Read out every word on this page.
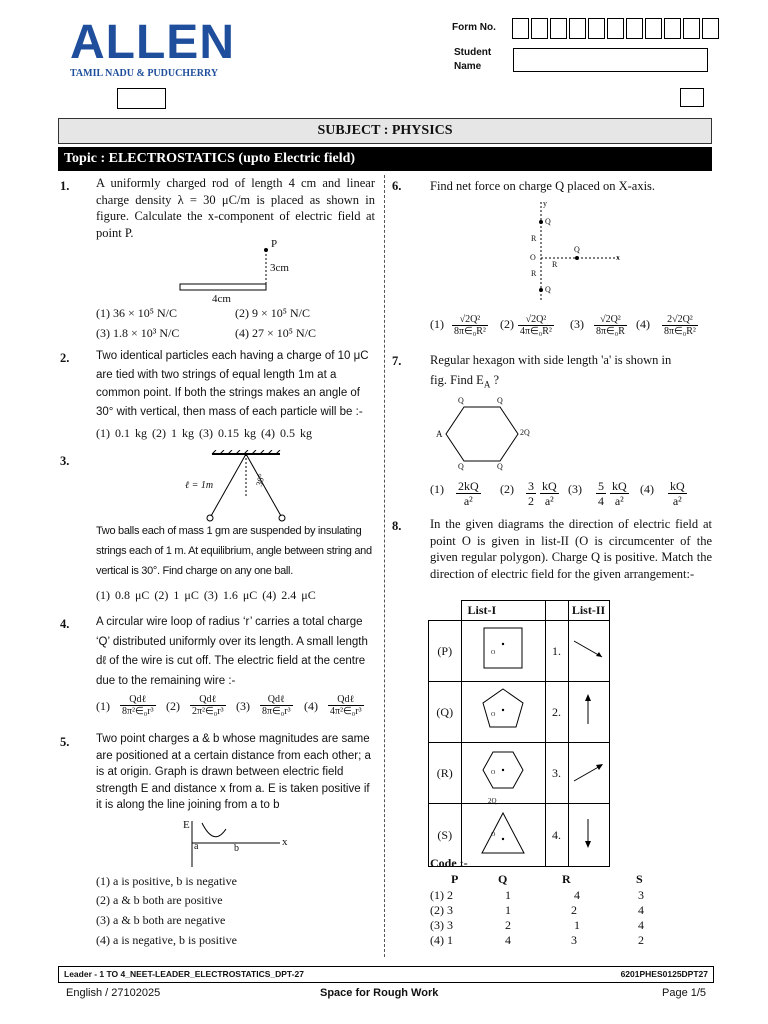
ALLEN
TAMIL NADU & PUDUCHERRY
Form No.
Student
Name
SUBJECT : PHYSICS
Topic : ELECTROSTATICS (upto Electric field)
1. A uniformly charged rod of length 4 cm and linear charge density λ = 30 μC/m is placed as shown in figure. Calculate the x-component of electric field at point P.
P
3cm
4cm
(1) 36 × 10⁵ N/C	(2) 9 × 10⁵ N/C
(3) 1.8 × 10³ N/C	(4) 27 × 10⁵ N/C
2. Two identical particles each having a charge of 10 μC are tied with two strings of equal length 1m at a common point. If both the strings makes an angle of 30° with vertical, then mass of each particle will be :-
(1) 0.1 kg (2) 1 kg (3) 0.15 kg (4) 0.5 kg
3.
ℓ = 1m	30°
Two balls each of mass 1 gm are suspended by insulating strings each of 1 m. At equilibrium, angle between string and vertical is 30°. Find charge on any one ball.
(1) 0.8 μC (2) 1 μC (3) 1.6 μC (4) 2.4 μC
4. A circular wire loop of radius ‘r’ carries a total charge ‘Q’ distributed uniformly over its length. A small length dℓ of the wire is cut off. The electric field at the centre due to the remaining wire :-
(1)	Qdℓ
8π²∈₀r³ (2)	Qdℓ
2π²∈₀r³ (3)	Qdℓ
8π∈₀r³ (4)	Qdℓ
4π²∈₀r³
5. Two point charges a & b whose magnitudes are same are positioned at a certain distance from each other; a is at origin. Graph is drawn between electric field strength E and distance x from a. E is taken positive if it is along the line joining from a to b
E
x
a	b
(1) a is positive, b is negative
(2) a & b both are positive
(3) a & b both are negative
(4) a is negative, b is positive
6. Find net force on charge Q placed on X-axis.
y
Q
R
O
Q
R
x
R
Q
$(1) \frac{\text{√2Q²}}{\text{8π∈₀R²}} (2) \frac{\text{√2Q²}}{\text{4π∈₀R²}} (3) \frac{\text{√2Q²}}{\text{8π∈₀R}} (4) \frac{\text{2√2Q²}}{\text{8π∈₀R²}}$
7. Regular hexagon with side length 'a' is shown in
fig. Find $E_A$ ?
Q	Q
A	2Q
Q	Q
$(1) \frac{2kQ}{\text{a²}} (2) \frac{3}{2} \frac{kQ}{\text{a²}} (3) \frac{5}{4} \frac{kQ}{\text{a²}} (4) \frac{kQ}{\text{a²}}$
8. In the given diagrams the direction of electric field at point O is given in list-II (O is circumcenter of the given regular polygon). Charge Q is positive. Match the direction of electric field for the given arrangement:-
	List-I		List-II
(P)		1.	
(Q)		2.	
(R)		3.	
(S)		4.	
O
O
O
O
2Q
Code :-
P	Q	R	S
(1) 2	1	4	3
(2) 3	1	2	4
(3) 3	2	1	4
(4) 1	4	3	2
Leader - 1 TO 4_NEET-LEADER_ELECTROSTATICS_DPT-27	6201PHES0125DPT27
English / 27102025	Space for Rough Work	Page 1/5
